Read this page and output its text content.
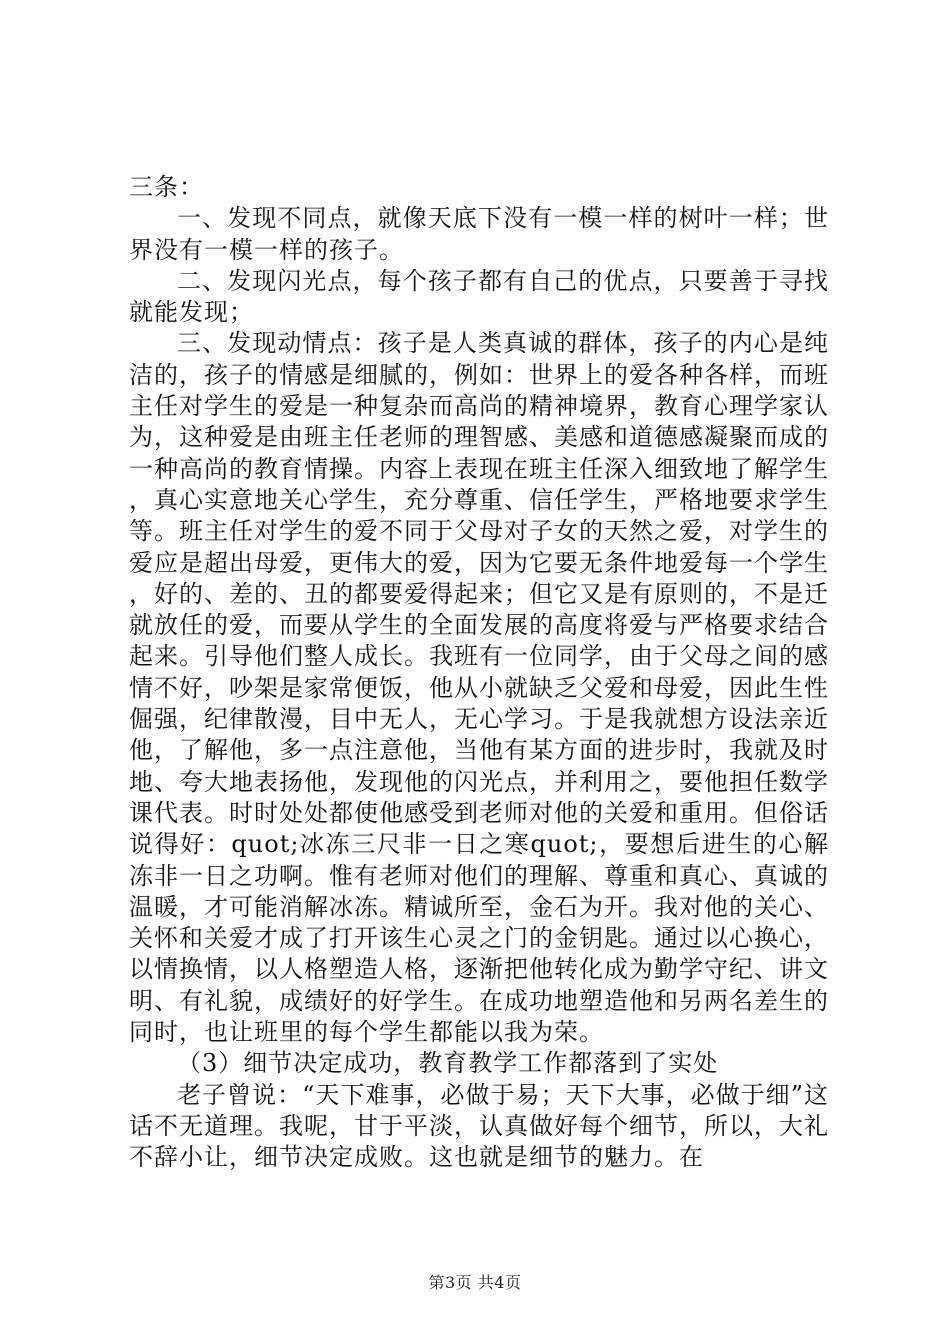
三条：

一、发现不同点，就像天底下没有一模一样的树叶一样；世界没有一模一样的孩子。

二、发现闪光点，每个孩子都有自己的优点，只要善于寻找就能发现；

三、发现动情点：孩子是人类真诚的群体，孩子的内心是纯洁的，孩子的情感是细腻的，例如：世界上的爱各种各样，而班主任对学生的爱是一种复杂而高尚的精神境界，教育心理学家认为，这种爱是由班主任老师的理智感、美感和道德感凝聚而成的一种高尚的教育情操。内容上表现在班主任深入细致地了解学生，真心实意地关心学生，充分尊重、信任学生，严格地要求学生等。班主任对学生的爱不同于父母对子女的天然之爱，对学生的爱应是超出母爱，更伟大的爱，因为它要无条件地爱每一个学生，好的、差的、丑的都要爱得起来；但它又是有原则的，不是迁就放任的爱，而要从学生的全面发展的高度将爱与严格要求结合起来。引导他们整人成长。我班有一位同学，由于父母之间的感情不好，吵架是家常便饭，他从小就缺乏父爱和母爱，因此生性倔强，纪律散漫，目中无人，无心学习。于是我就想方设法亲近他，了解他，多一点注意他，当他有某方面的进步时，我就及时地、夸大地表扬他，发现他的闪光点，并利用之，要他担任数学课代表。时时处处都使他感受到老师对他的关爱和重用。但俗话说得好：quot;冰冻三尺非一日之寒quot;，要想后进生的心解冻非一日之功啊。惟有老师对他们的理解、尊重和真心、真诚的温暖，才可能消解冰冻。精诚所至，金石为开。我对他的关心、关怀和关爱才成了打开该生心灵之门的金钥匙。通过以心换心，以情换情，以人格塑造人格，逐渐把他转化成为勤学守纪、讲文明、有礼貌，成绩好的好学生。在成功地塑造他和另两名差生的同时，也让班里的每个学生都能以我为荣。

（3）细节决定成功，教育教学工作都落到了实处

老子曾说：“天下难事，必做于易；天下大事，必做于细”这话不无道理。我呢，甘于平淡，认真做好每个细节，所以，大礼不辞小让，细节决定成败。这也就是细节的魅力。在

第3页 共4页
